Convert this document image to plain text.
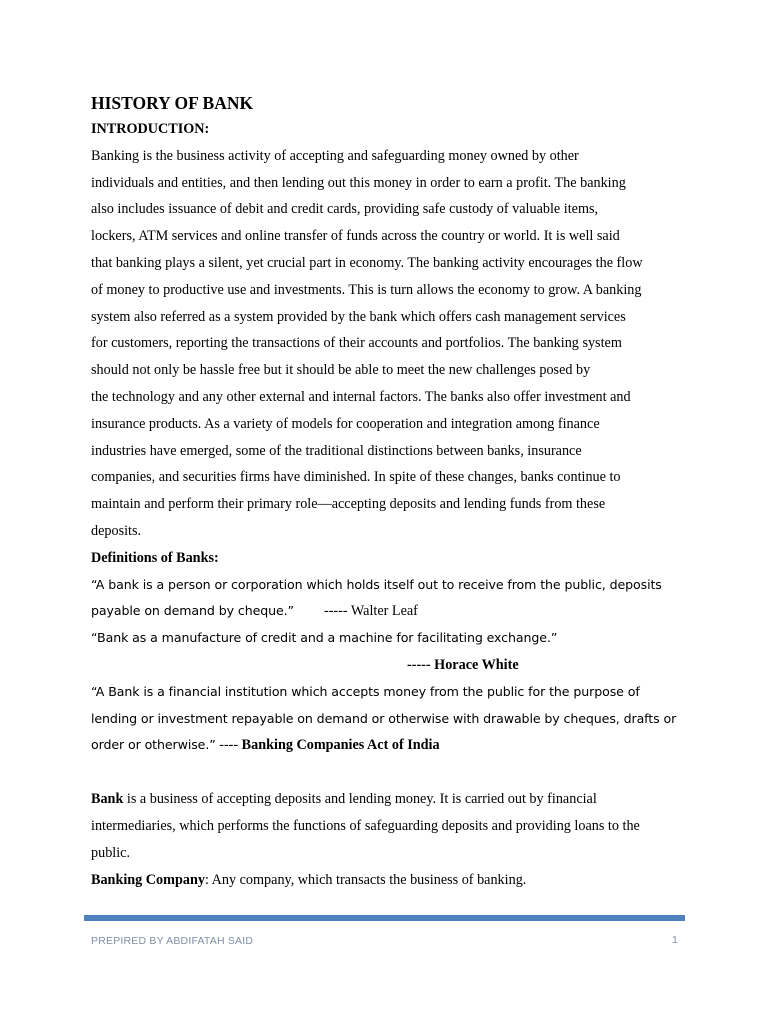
HISTORY OF BANK
INTRODUCTION:

Banking is the business activity of accepting and safeguarding money owned by other
individuals and entities, and then lending out this money in order to earn a profit. The banking
also includes issuance of debit and credit cards, providing safe custody of valuable items,
lockers, ATM services and online transfer of funds across the country or world. It is well said
that banking plays a silent, yet crucial part in economy. The banking activity encourages the flow
of money to productive use and investments. This is turn allows the economy to grow. A banking
system also referred as a system provided by the bank which offers cash management services
for customers, reporting the transactions of their accounts and portfolios. The banking system
should not only be hassle free but it should be able to meet the new challenges posed by
the technology and any other external and internal factors. The banks also offer investment and
insurance products. As a variety of models for cooperation and integration among finance
industries have emerged, some of the traditional distinctions between banks, insurance
companies, and securities firms have diminished. In spite of these changes, banks continue to
maintain and perform their primary role—accepting deposits and lending funds from these
deposits.

Definitions of Banks:

“A bank is a person or corporation which holds itself out to receive from the public, deposits
payable on demand by cheque.” ----- Walter Leaf

“Bank as a manufacture of credit and a machine for facilitating exchange.”
----- Horace White

“A Bank is a financial institution which accepts money from the public for the purpose of
lending or investment repayable on demand or otherwise with drawable by cheques, drafts or
order or otherwise.” ---- Banking Companies Act of India

Bank is a business of accepting deposits and lending money. It is carried out by financial
intermediaries, which performs the functions of safeguarding deposits and providing loans to the
public.

Banking Company: Any company, which transacts the business of banking.

PREPIRED BY ABDIFATAH SAID	1
